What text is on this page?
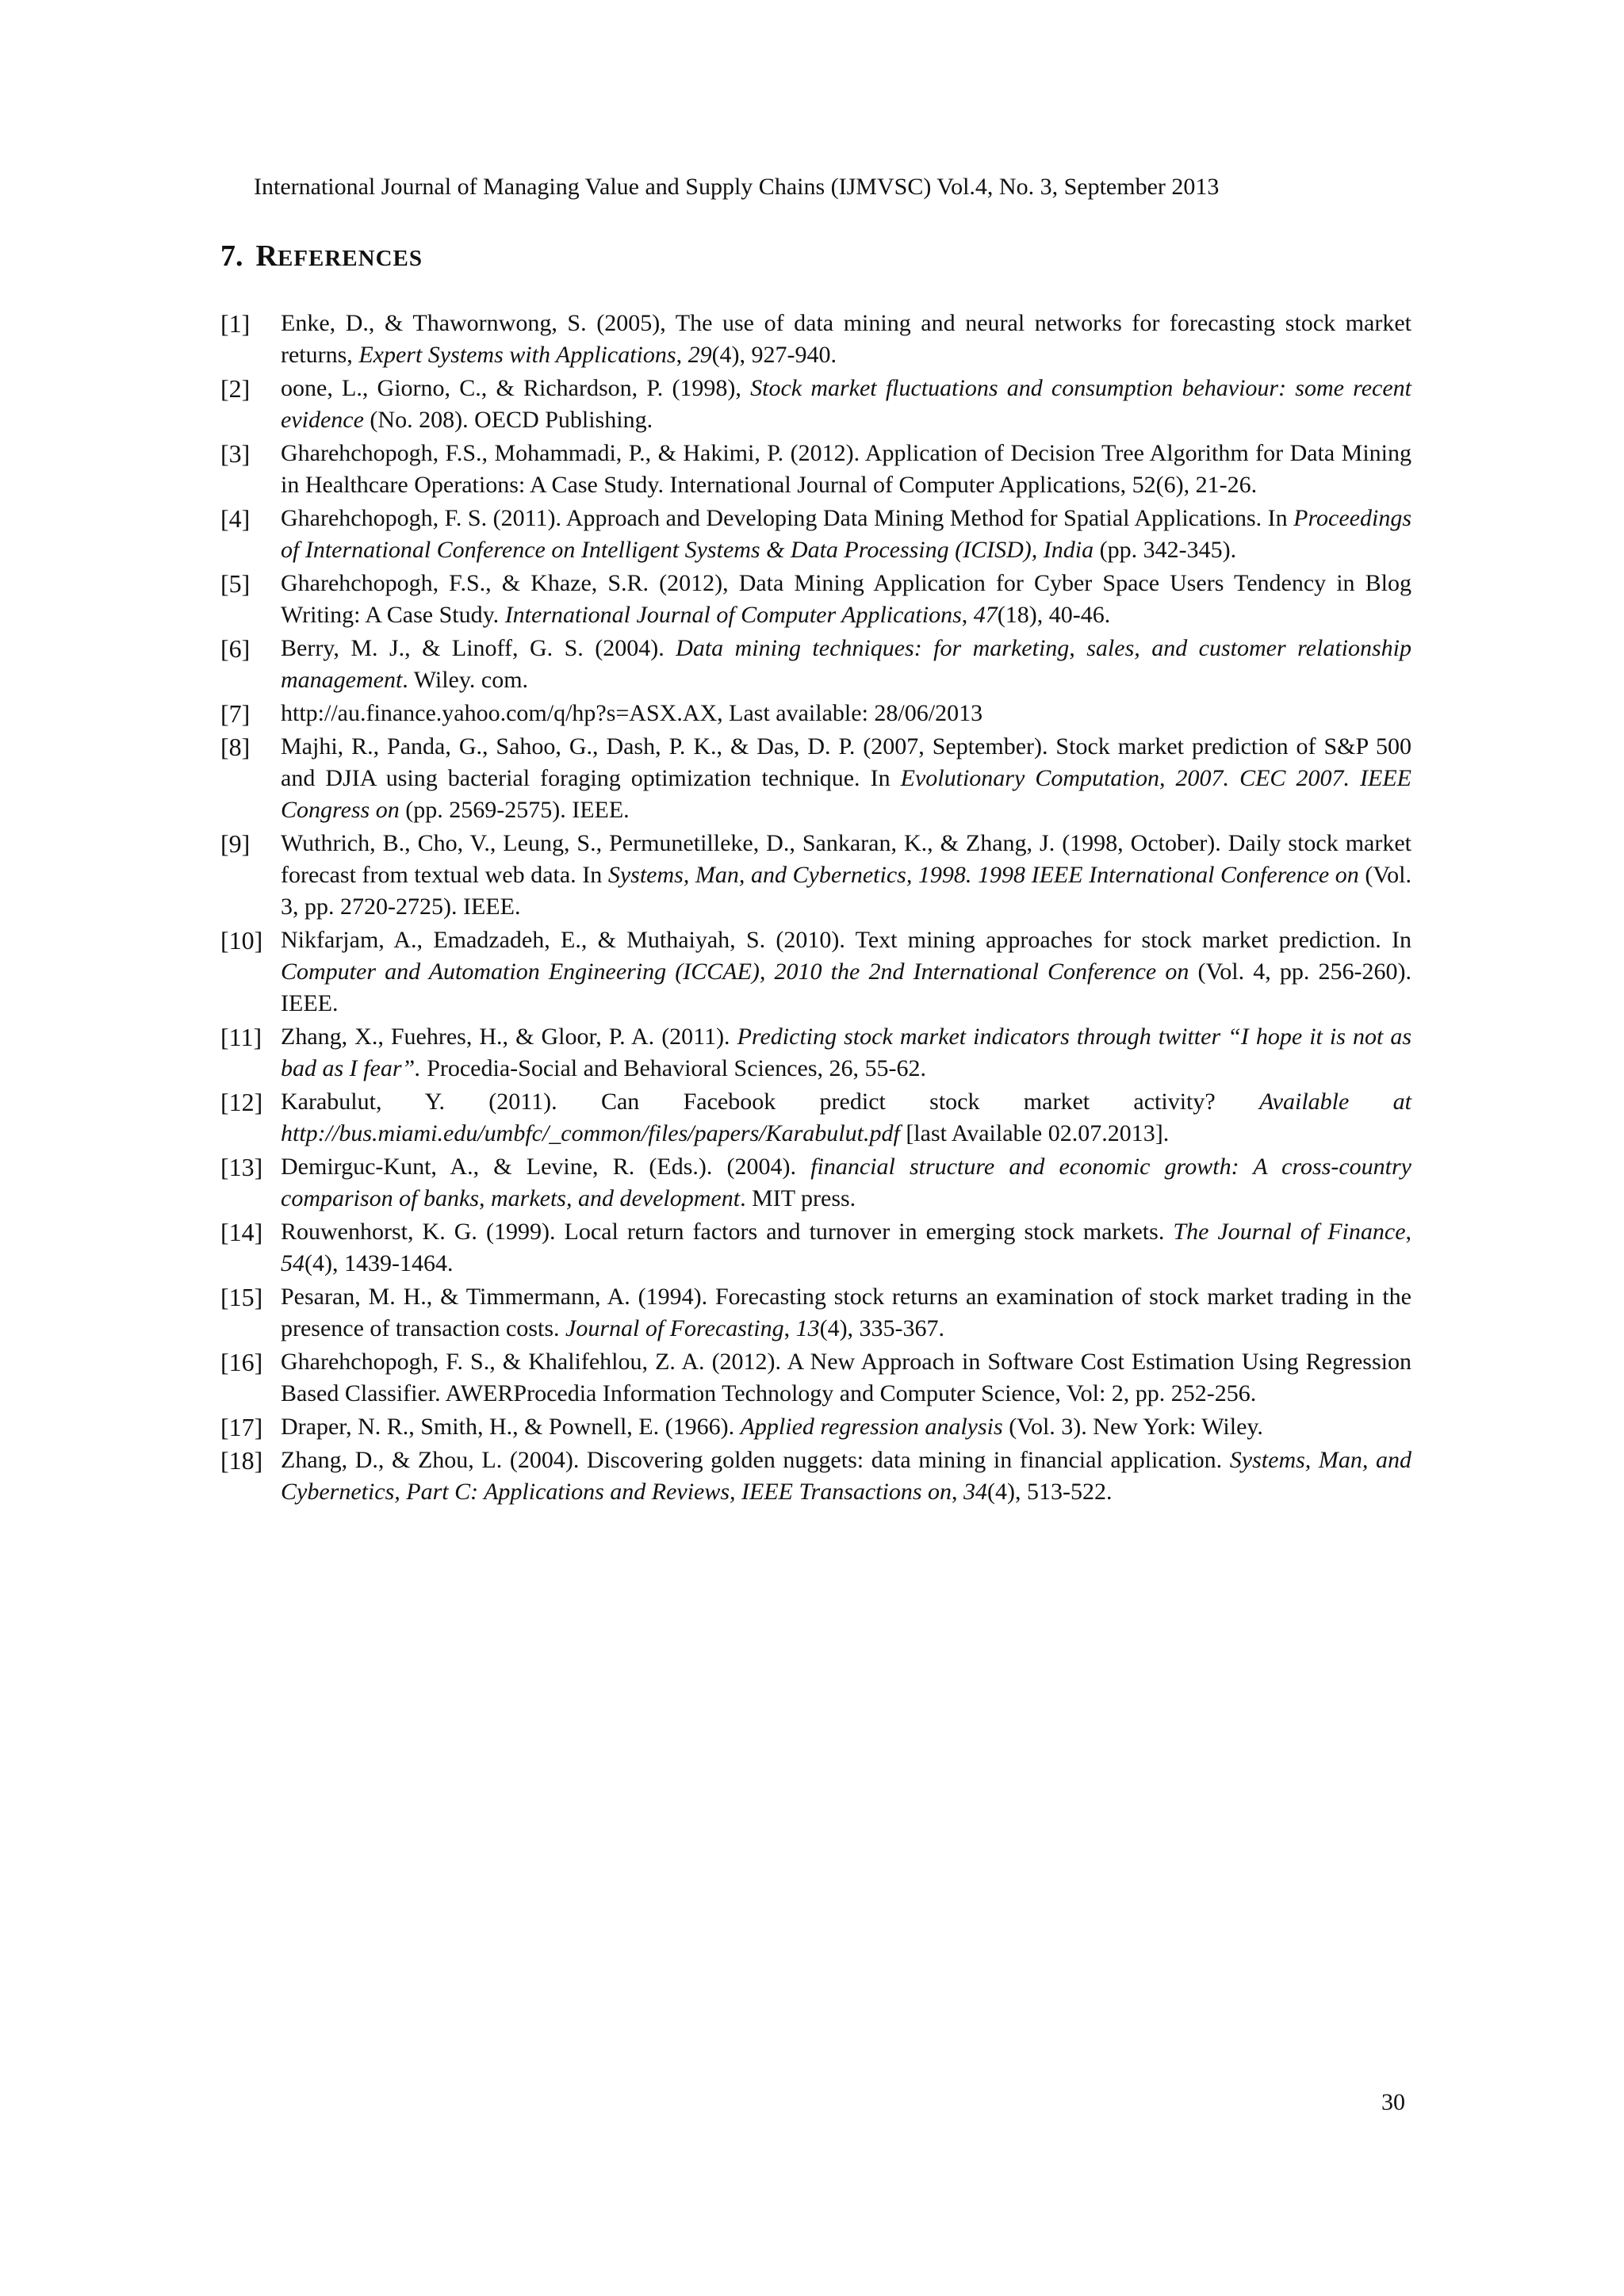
International Journal of Managing Value and Supply Chains (IJMVSC) Vol.4, No. 3, September 2013
7. REFERENCES
[1] Enke, D., & Thawornwong, S. (2005), The use of data mining and neural networks for forecasting stock market returns, Expert Systems with Applications, 29(4), 927-940.
[2] oone, L., Giorno, C., & Richardson, P. (1998), Stock market fluctuations and consumption behaviour: some recent evidence (No. 208). OECD Publishing.
[3] Gharehchopogh, F.S., Mohammadi, P., & Hakimi, P. (2012). Application of Decision Tree Algorithm for Data Mining in Healthcare Operations: A Case Study. International Journal of Computer Applications, 52(6), 21-26.
[4] Gharehchopogh, F. S. (2011). Approach and Developing Data Mining Method for Spatial Applications. In Proceedings of International Conference on Intelligent Systems & Data Processing (ICISD), India (pp. 342-345).
[5] Gharehchopogh, F.S., & Khaze, S.R. (2012), Data Mining Application for Cyber Space Users Tendency in Blog Writing: A Case Study. International Journal of Computer Applications, 47(18), 40-46.
[6] Berry, M. J., & Linoff, G. S. (2004). Data mining techniques: for marketing, sales, and customer relationship management. Wiley. com.
[7] http://au.finance.yahoo.com/q/hp?s=ASX.AX, Last available: 28/06/2013
[8] Majhi, R., Panda, G., Sahoo, G., Dash, P. K., & Das, D. P. (2007, September). Stock market prediction of S&P 500 and DJIA using bacterial foraging optimization technique. In Evolutionary Computation, 2007. CEC 2007. IEEE Congress on (pp. 2569-2575). IEEE.
[9] Wuthrich, B., Cho, V., Leung, S., Permunetilleke, D., Sankaran, K., & Zhang, J. (1998, October). Daily stock market forecast from textual web data. In Systems, Man, and Cybernetics, 1998. 1998 IEEE International Conference on (Vol. 3, pp. 2720-2725). IEEE.
[10] Nikfarjam, A., Emadzadeh, E., & Muthaiyah, S. (2010). Text mining approaches for stock market prediction. In Computer and Automation Engineering (ICCAE), 2010 the 2nd International Conference on (Vol. 4, pp. 256-260). IEEE.
[11] Zhang, X., Fuehres, H., & Gloor, P. A. (2011). Predicting stock market indicators through twitter “I hope it is not as bad as I fear”. Procedia-Social and Behavioral Sciences, 26, 55-62.
[12] Karabulut, Y. (2011). Can Facebook predict stock market activity? Available at http://bus.miami.edu/umbfc/_common/files/papers/Karabulut.pdf [last Available 02.07.2013].
[13] Demirguc-Kunt, A., & Levine, R. (Eds.). (2004). financial structure and economic growth: A cross-country comparison of banks, markets, and development. MIT press.
[14] Rouwenhorst, K. G. (1999). Local return factors and turnover in emerging stock markets. The Journal of Finance, 54(4), 1439-1464.
[15] Pesaran, M. H., & Timmermann, A. (1994). Forecasting stock returns an examination of stock market trading in the presence of transaction costs. Journal of Forecasting, 13(4), 335-367.
[16] Gharehchopogh, F. S., & Khalifehlou, Z. A. (2012). A New Approach in Software Cost Estimation Using Regression Based Classifier. AWERProcedia Information Technology and Computer Science, Vol: 2, pp. 252-256.
[17] Draper, N. R., Smith, H., & Pownell, E. (1966). Applied regression analysis (Vol. 3). New York: Wiley.
[18] Zhang, D., & Zhou, L. (2004). Discovering golden nuggets: data mining in financial application. Systems, Man, and Cybernetics, Part C: Applications and Reviews, IEEE Transactions on, 34(4), 513-522.
30
